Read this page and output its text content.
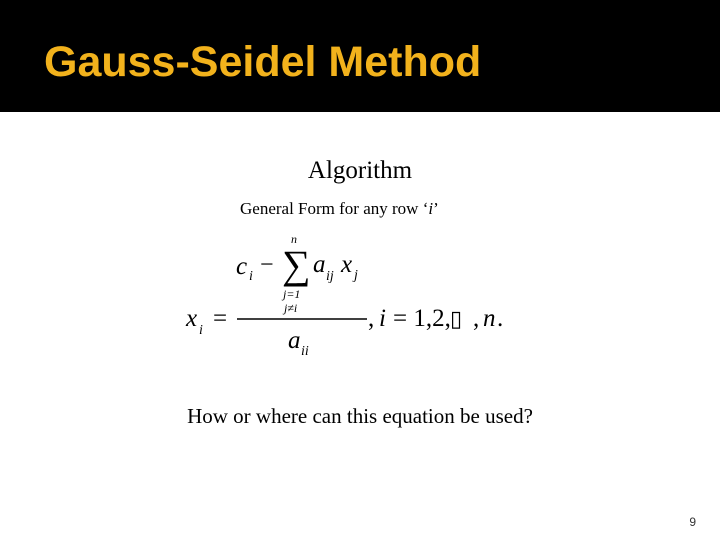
Gauss-Seidel Method
Algorithm
General Form for any row ‘i’
c i −
n
∑
j=1
j≠i
a ij x j
x i =
a ii
, i = 1,2, ▯ , n .
How or where can this equation be used?
9
